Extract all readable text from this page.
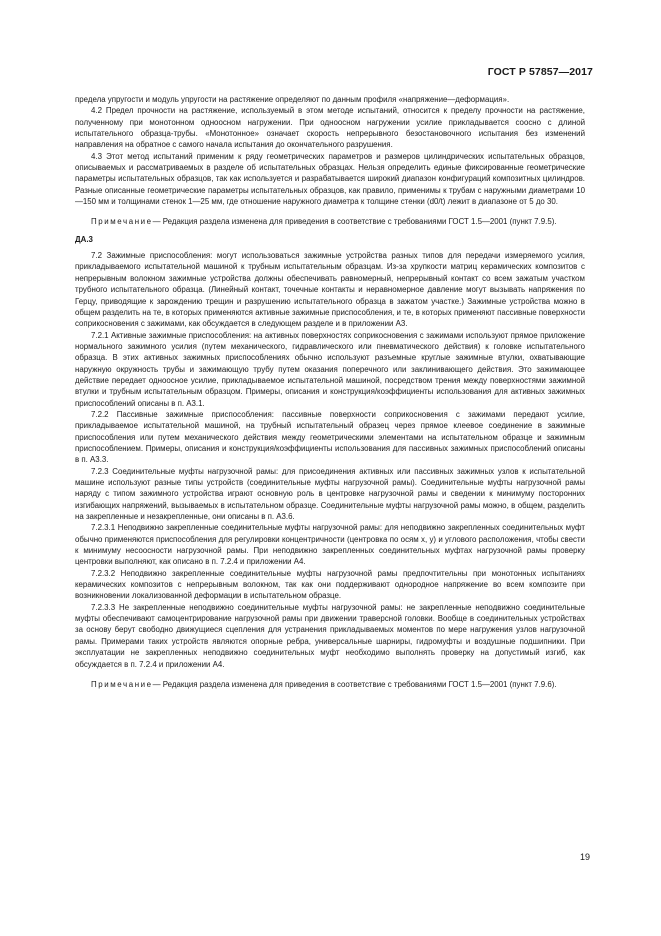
ГОСТ Р 57857—2017

предела упругости и модуль упругости на растяжение определяют по данным профиля «напряжение—деформация».

4.2 Предел прочности на растяжение, используемый в этом методе испытаний, относится к пределу прочности на растяжение, полученному при монотонном одноосном нагружении. При одноосном нагружении усилие прикладывается соосно с длиной испытательного образца-трубы. «Монотонное» означает скорость непрерывного безостановочного испытания без изменений направления на обратное с самого начала испытания до окончательного разрушения.

4.3 Этот метод испытаний применим к ряду геометрических параметров и размеров цилиндрических испытательных образцов, описываемых и рассматриваемых в разделе об испытательных образцах. Нельзя определить единые фиксированные геометрические параметры испытательных образцов, так как используется и разрабатывается широкий диапазон конфигураций композитных цилиндров. Разные описанные геометрические параметры испытательных образцов, как правило, применимы к трубам с наружными диаметрами 10—150 мм и толщинами стенок 1—25 мм, где отношение наружного диаметра к толщине стенки (d0/t) лежит в диапазоне от 5 до 30.

Примечание— Редакция раздела изменена для приведения в соответствие с требованиями ГОСТ 1.5—2001 (пункт 7.9.5).

ДА.3

7.2 Зажимные приспособления: могут использоваться зажимные устройства разных типов для передачи измеряемого усилия, прикладываемого испытательной машиной к трубным испытательным образцам. Из-за хрупкости матриц керамических композитов с непрерывным волокном зажимные устройства должны обеспечивать равномерный, непрерывный контакт со всем зажатым участком трубного испытательного образца. (Линейный контакт, точечные контакты и неравномерное давление могут вызывать напряжения по Герцу, приводящие к зарождению трещин и разрушению испытательного образца в зажатом участке.) Зажимные устройства можно в общем разделить на те, в которых применяются активные зажимные приспособления, и те, в которых применяют пассивные поверхности соприкосновения с зажимами, как обсуждается в следующем разделе и в приложении А3.

7.2.1 Активные зажимные приспособления: на активных поверхностях соприкосновения с зажимами используют прямое приложение нормального зажимного усилия (путем механического, гидравлического или пневматического действия) к головке испытательного образца. В этих активных зажимных приспособлениях обычно используют разъемные круглые зажимные втулки, охватывающие наружную окружность трубы и зажимающую трубу путем оказания поперечного или заклинивающего действия. Это зажимающее действие передает одноосное усилие, прикладываемое испытательной машиной, посредством трения между поверхностями зажимной втулки и трубным испытательным образцом. Примеры, описания и конструкция/коэффициенты использования для активных зажимных приспособлений описаны в п. А3.1.

7.2.2 Пассивные зажимные приспособления: пассивные поверхности соприкосновения с зажимами передают усилие, прикладываемое испытательной машиной, на трубный испытательный образец через прямое клеевое соединение в зажимные приспособления или путем механического действия между геометрическими элементами на испытательном образце и зажимным приспособлением. Примеры, описания и конструкция/коэффициенты использования для пассивных зажимных приспособлений описаны в п. А3.3.

7.2.3 Соединительные муфты нагрузочной рамы: для присоединения активных или пассивных зажимных узлов к испытательной машине используют разные типы устройств (соединительные муфты нагрузочной рамы). Соединительные муфты нагрузочной рамы наряду с типом зажимного устройства играют основную роль в центровке нагрузочной рамы и сведении к минимуму посторонних изгибающих напряжений, вызываемых в испытательном образце. Соединительные муфты нагрузочной рамы можно, в общем, разделить на закрепленные и незакрепленные, они описаны в п. А3.6.

7.2.3.1 Неподвижно закрепленные соединительные муфты нагрузочной рамы: для неподвижно закрепленных соединительных муфт обычно применяются приспособления для регулировки концентричности (центровка по осям x, y) и углового расположения, чтобы свести к минимуму несоосности нагрузочной рамы. При неподвижно закрепленных соединительных муфтах нагрузочной рамы проверку центровки выполняют, как описано в п. 7.2.4 и приложении А4.

7.2.3.2 Неподвижно закрепленные соединительные муфты нагрузочной рамы предпочтительны при монотонных испытаниях керамических композитов с непрерывным волокном, так как они поддерживают однородное напряжение во всем композите при возникновении локализованной деформации в испытательном образце.

7.2.3.3 Не закрепленные неподвижно соединительные муфты нагрузочной рамы: не закрепленные неподвижно соединительные муфты обеспечивают самоцентрирование нагрузочной рамы при движении траверсной головки. Вообще в соединительных устройствах за основу берут свободно движущиеся сцепления для устранения прикладываемых моментов по мере нагружения узлов нагрузочной рамы. Примерами таких устройств являются опорные ребра, универсальные шарниры, гидромуфты и воздушные подшипники. При эксплуатации не закрепленных неподвижно соединительных муфт необходимо выполнять проверку на допустимый изгиб, как обсуждается в п. 7.2.4 и приложении А4.

Примечание— Редакция раздела изменена для приведения в соответствие с требованиями ГОСТ 1.5—2001 (пункт 7.9.6).

19
